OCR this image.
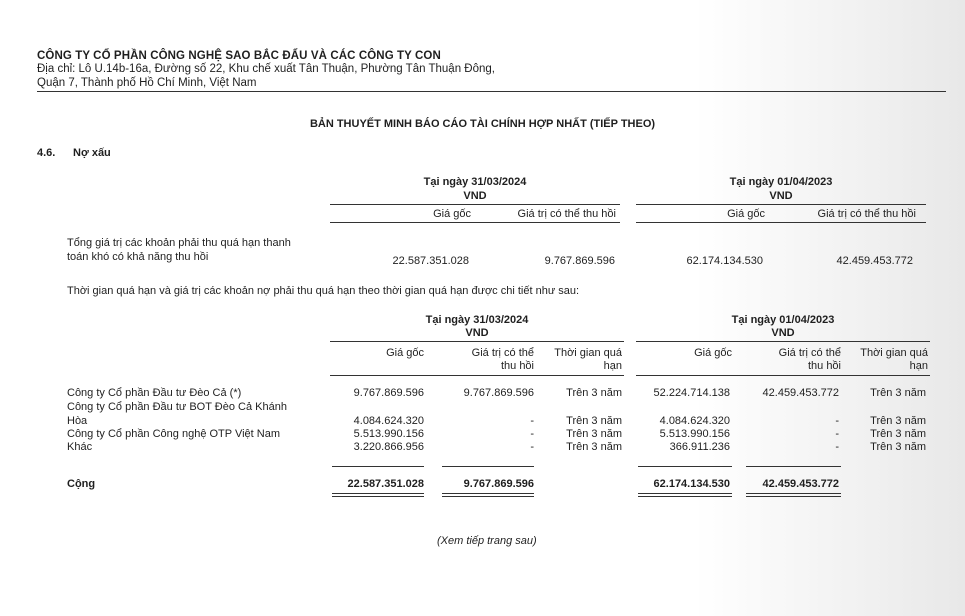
CÔNG TY CỔ PHẦN CÔNG NGHỆ SAO BẮC ĐẨU VÀ CÁC CÔNG TY CON
Địa chỉ: Lô U.14b-16a, Đường số 22, Khu chế xuất Tân Thuận, Phường Tân Thuận Đông,
Quận 7, Thành phố Hồ Chí Minh, Việt Nam
BẢN THUYẾT MINH BÁO CÁO TÀI CHÍNH HỢP NHẤT (TIẾP THEO)
4.6. Nợ xấu
Tại ngày 31/03/2024
VND
Tại ngày 01/04/2023
VND
Giá gốc	Giá trị có thể thu hồi	Giá gốc	Giá trị có thể thu hồi
Tổng giá trị các khoản phải thu quá hạn thanh
toán khó có khả năng thu hồi	22.587.351.028	9.767.869.596	62.174.134.530	42.459.453.772
Thời gian quá hạn và giá trị các khoản nợ phải thu quá hạn theo thời gian quá hạn được chi tiết như sau:
Tại ngày 31/03/2024
VND
Tại ngày 01/04/2023
VND
Giá gốc	Giá trị có thể
thu hồi
Thời gian quá
hạn
Giá gốc	Giá trị có thể
thu hồi
Thời gian quá
hạn
Công ty Cổ phần Đầu tư Đèo Cả (*)	9.767.869.596	9.767.869.596	Trên 3 năm	52.224.714.138	42.459.453.772	Trên 3 năm
Công ty Cổ phần Đầu tư BOT Đèo Cả Khánh
Hòa	4.084.624.320	-	Trên 3 năm	4.084.624.320	-	Trên 3 năm
Công ty Cổ phần Công nghệ OTP Việt Nam	5.513.990.156	-	Trên 3 năm	5.513.990.156	-	Trên 3 năm
Khác	3.220.866.956	-	Trên 3 năm	366.911.236	-	Trên 3 năm
Cộng	22.587.351.028	9.767.869.596	62.174.134.530	42.459.453.772
(Xem tiếp trang sau)
